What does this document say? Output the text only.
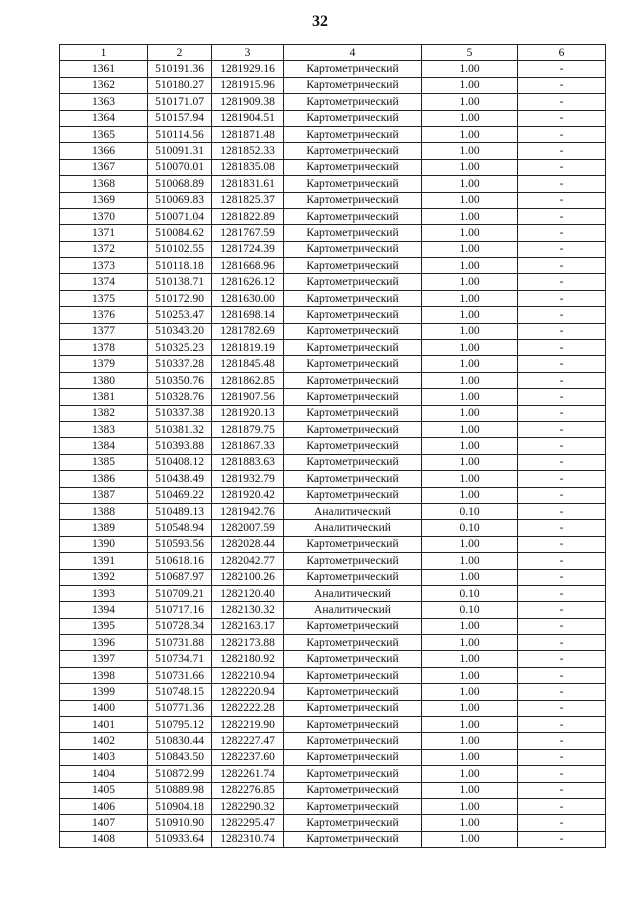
32
1	2	3	4	5	6
1361	510191.36	1281929.16	Картометрический	1.00	-
1362	510180.27	1281915.96	Картометрический	1.00	-
1363	510171.07	1281909.38	Картометрический	1.00	-
1364	510157.94	1281904.51	Картометрический	1.00	-
1365	510114.56	1281871.48	Картометрический	1.00	-
1366	510091.31	1281852.33	Картометрический	1.00	-
1367	510070.01	1281835.08	Картометрический	1.00	-
1368	510068.89	1281831.61	Картометрический	1.00	-
1369	510069.83	1281825.37	Картометрический	1.00	-
1370	510071.04	1281822.89	Картометрический	1.00	-
1371	510084.62	1281767.59	Картометрический	1.00	-
1372	510102.55	1281724.39	Картометрический	1.00	-
1373	510118.18	1281668.96	Картометрический	1.00	-
1374	510138.71	1281626.12	Картометрический	1.00	-
1375	510172.90	1281630.00	Картометрический	1.00	-
1376	510253.47	1281698.14	Картометрический	1.00	-
1377	510343.20	1281782.69	Картометрический	1.00	-
1378	510325.23	1281819.19	Картометрический	1.00	-
1379	510337.28	1281845.48	Картометрический	1.00	-
1380	510350.76	1281862.85	Картометрический	1.00	-
1381	510328.76	1281907.56	Картометрический	1.00	-
1382	510337.38	1281920.13	Картометрический	1.00	-
1383	510381.32	1281879.75	Картометрический	1.00	-
1384	510393.88	1281867.33	Картометрический	1.00	-
1385	510408.12	1281883.63	Картометрический	1.00	-
1386	510438.49	1281932.79	Картометрический	1.00	-
1387	510469.22	1281920.42	Картометрический	1.00	-
1388	510489.13	1281942.76	Аналитический	0.10	-
1389	510548.94	1282007.59	Аналитический	0.10	-
1390	510593.56	1282028.44	Картометрический	1.00	-
1391	510618.16	1282042.77	Картометрический	1.00	-
1392	510687.97	1282100.26	Картометрический	1.00	-
1393	510709.21	1282120.40	Аналитический	0.10	-
1394	510717.16	1282130.32	Аналитический	0.10	-
1395	510728.34	1282163.17	Картометрический	1.00	-
1396	510731.88	1282173.88	Картометрический	1.00	-
1397	510734.71	1282180.92	Картометрический	1.00	-
1398	510731.66	1282210.94	Картометрический	1.00	-
1399	510748.15	1282220.94	Картометрический	1.00	-
1400	510771.36	1282222.28	Картометрический	1.00	-
1401	510795.12	1282219.90	Картометрический	1.00	-
1402	510830.44	1282227.47	Картометрический	1.00	-
1403	510843.50	1282237.60	Картометрический	1.00	-
1404	510872.99	1282261.74	Картометрический	1.00	-
1405	510889.98	1282276.85	Картометрический	1.00	-
1406	510904.18	1282290.32	Картометрический	1.00	-
1407	510910.90	1282295.47	Картометрический	1.00	-
1408	510933.64	1282310.74	Картометрический	1.00	-
